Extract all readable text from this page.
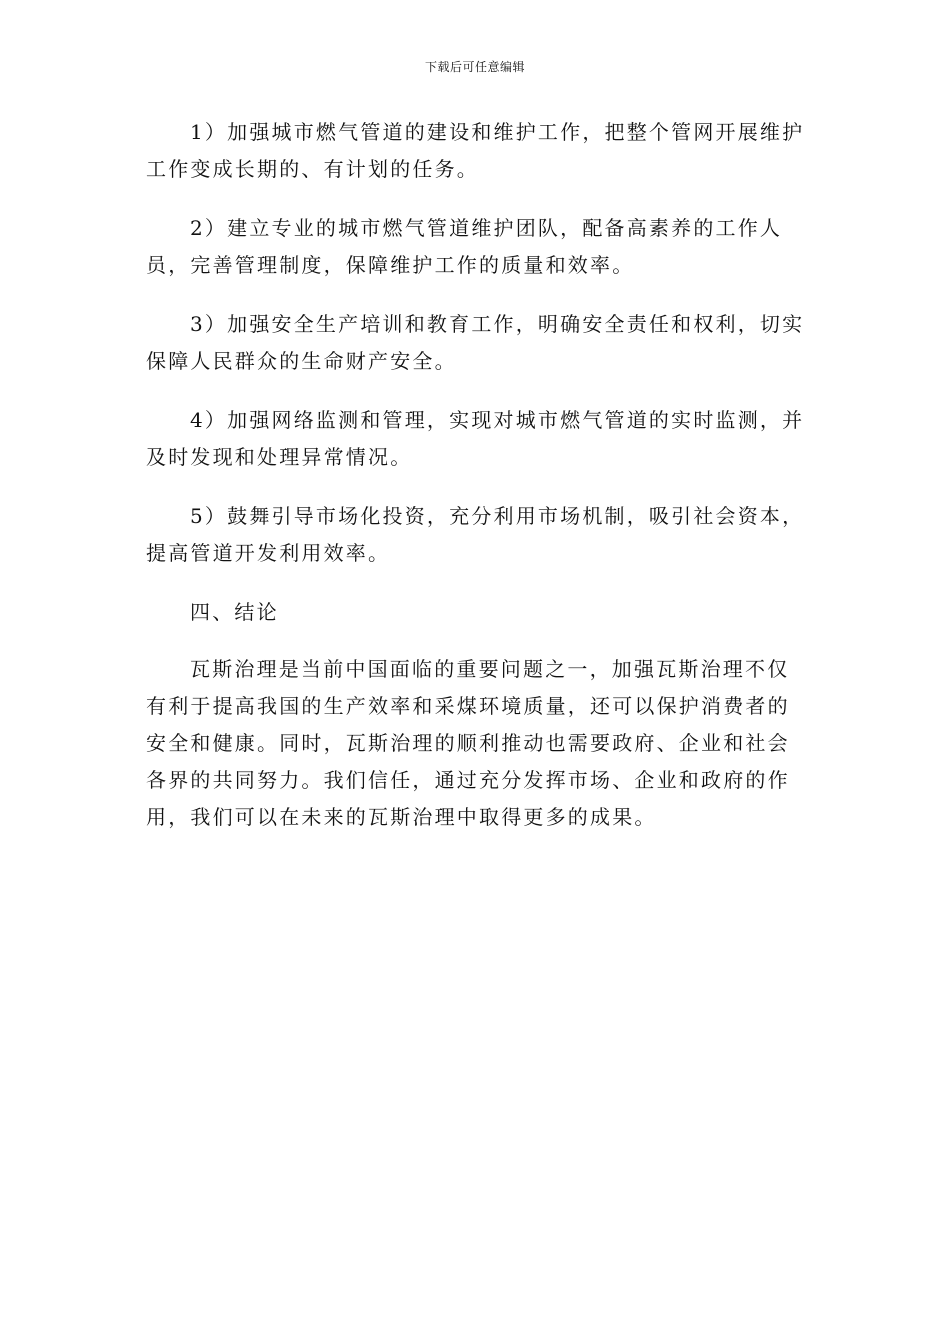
下载后可任意编辑

1）加强城市燃气管道的建设和维护工作，把整个管网开展维护工作变成长期的、有计划的任务。

2）建立专业的城市燃气管道维护团队，配备高素养的工作人员，完善管理制度，保障维护工作的质量和效率。

3）加强安全生产培训和教育工作，明确安全责任和权利，切实保障人民群众的生命财产安全。

4）加强网络监测和管理，实现对城市燃气管道的实时监测，并及时发现和处理异常情况。

5）鼓舞引导市场化投资，充分利用市场机制，吸引社会资本，提高管道开发利用效率。

四、结论

瓦斯治理是当前中国面临的重要问题之一，加强瓦斯治理不仅有利于提高我国的生产效率和采煤环境质量，还可以保护消费者的安全和健康。同时，瓦斯治理的顺利推动也需要政府、企业和社会各界的共同努力。我们信任，通过充分发挥市场、企业和政府的作用，我们可以在未来的瓦斯治理中取得更多的成果。
